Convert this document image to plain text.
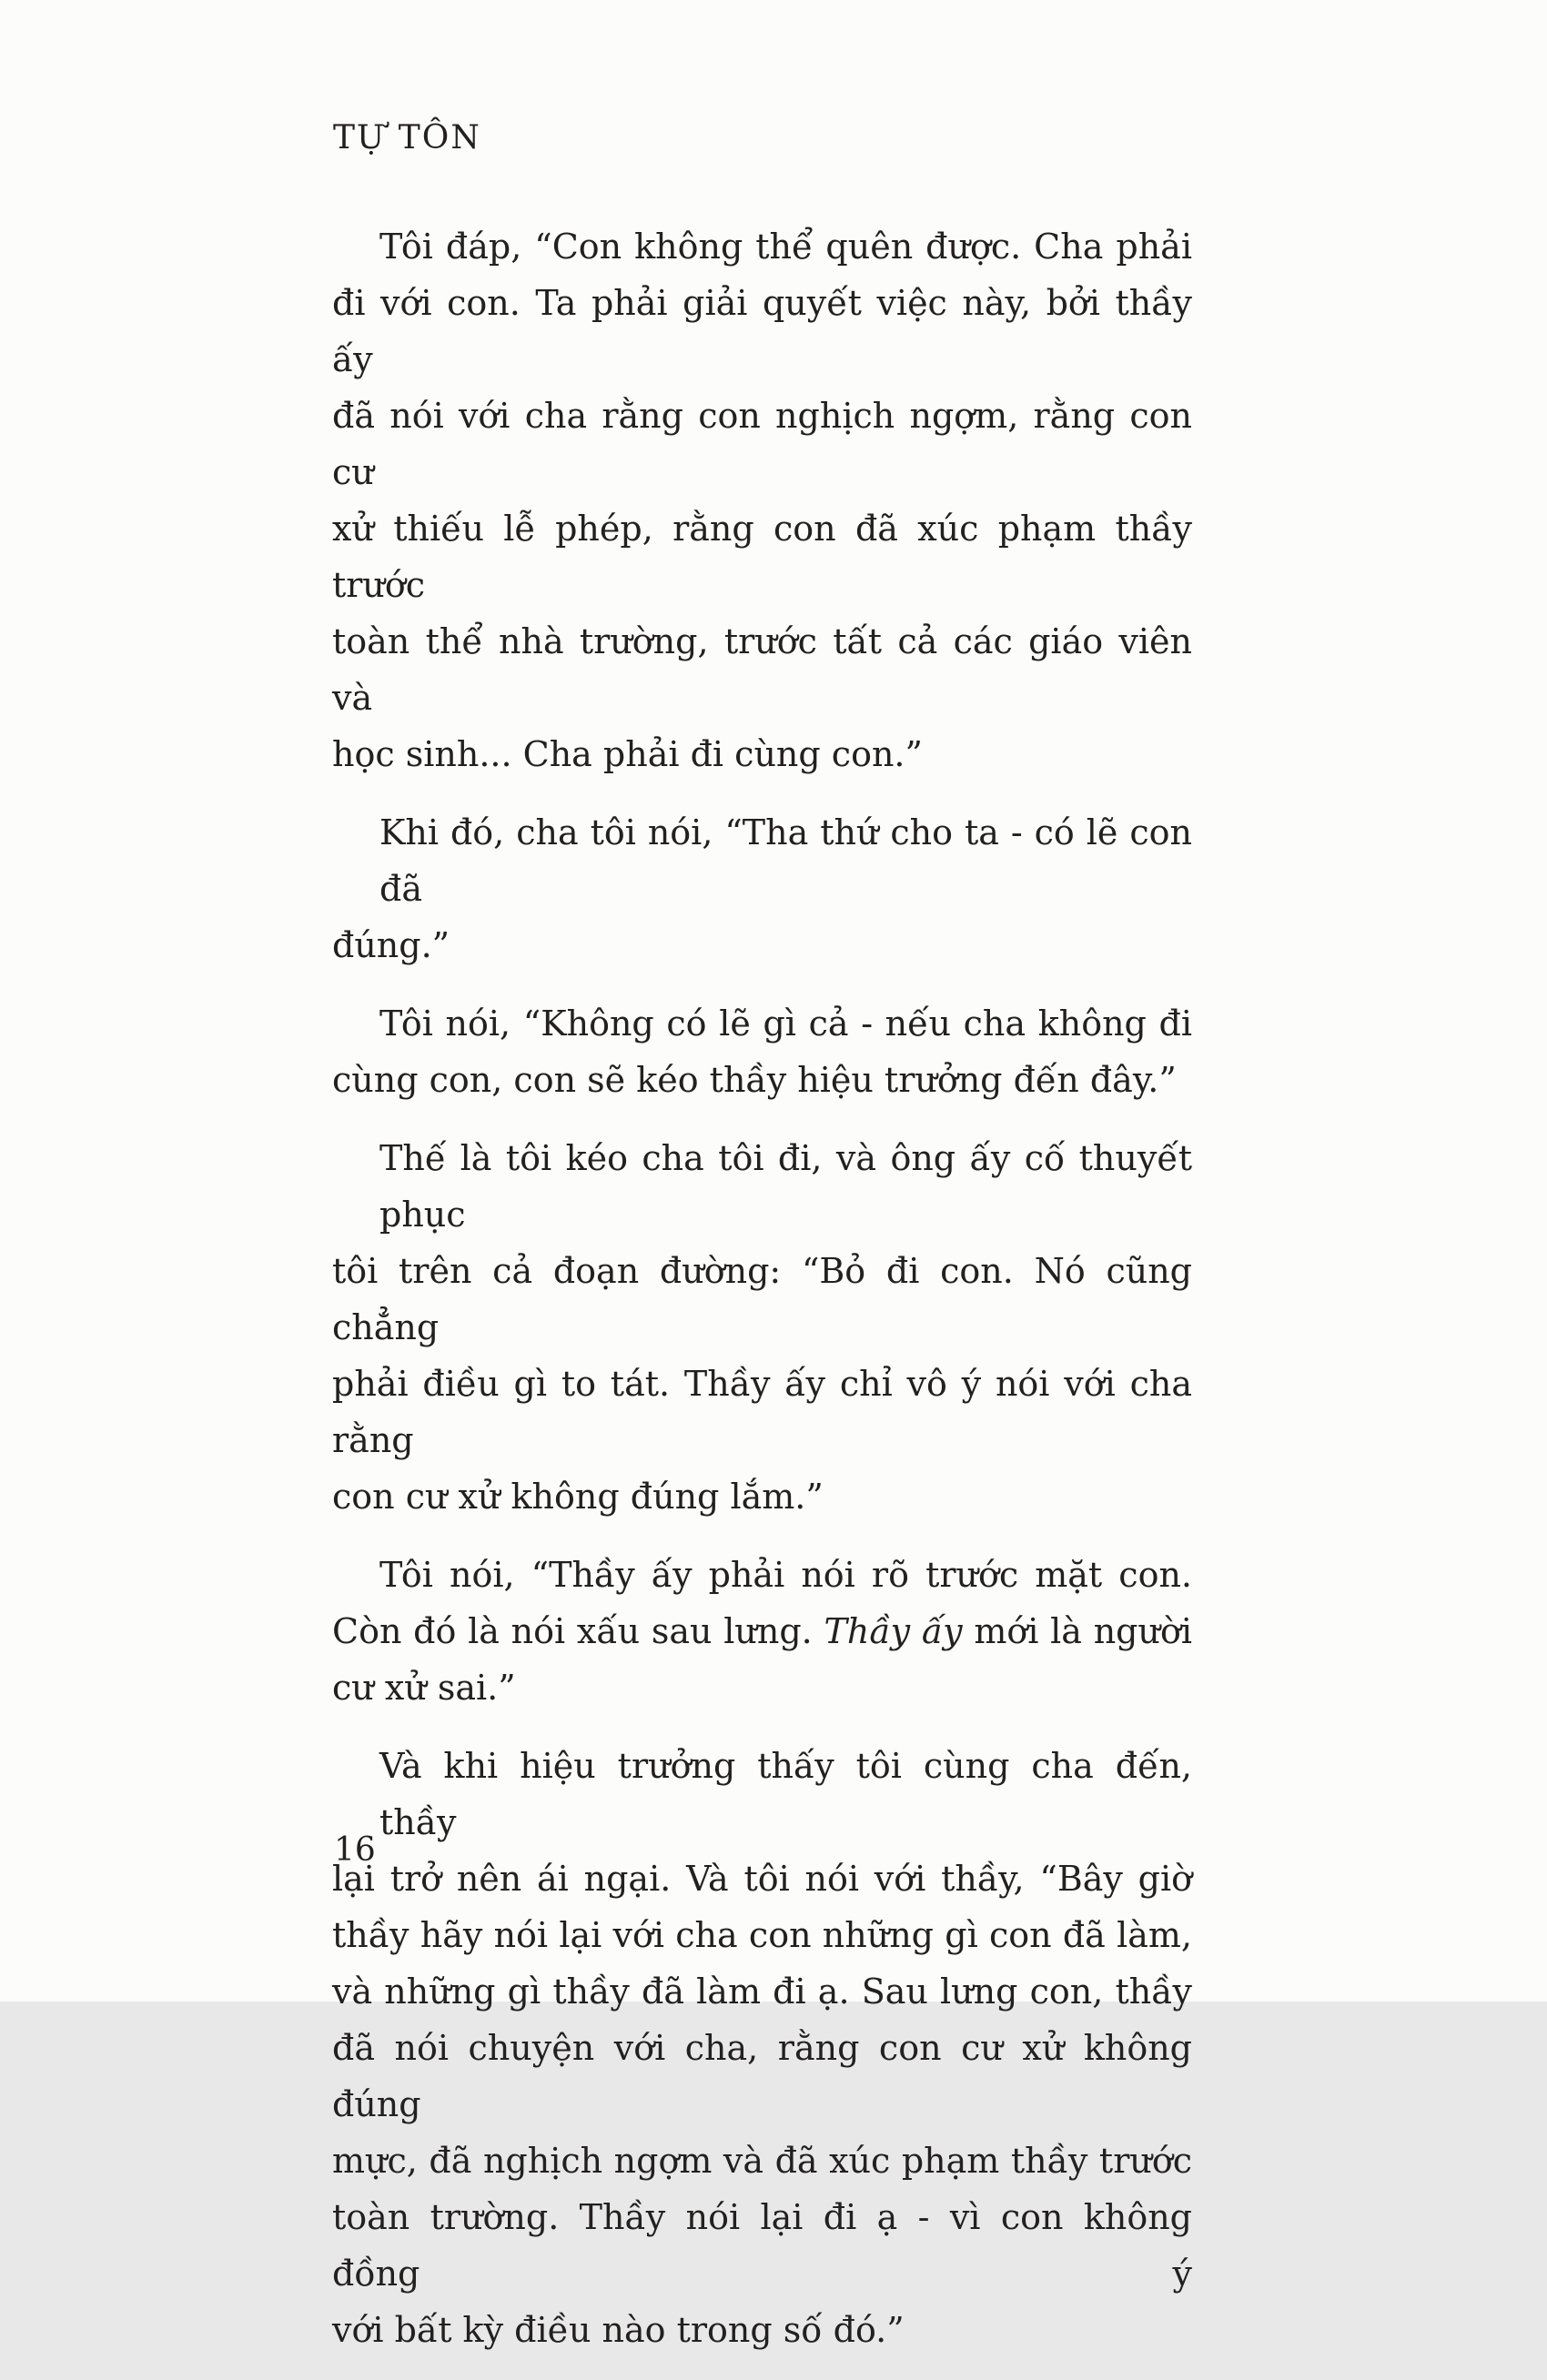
TỰ TÔN
Tôi đáp, “Con không thể quên được. Cha phải
đi với con. Ta phải giải quyết việc này, bởi thầy ấy
đã nói với cha rằng con nghịch ngợm, rằng con cư
xử thiếu lễ phép, rằng con đã xúc phạm thầy trước
toàn thể nhà trường, trước tất cả các giáo viên và
học sinh... Cha phải đi cùng con.”
Khi đó, cha tôi nói, “Tha thứ cho ta - có lẽ con đã
đúng.”
Tôi nói, “Không có lẽ gì cả - nếu cha không đi
cùng con, con sẽ kéo thầy hiệu trưởng đến đây.”
Thế là tôi kéo cha tôi đi, và ông ấy cố thuyết phục
tôi trên cả đoạn đường: “Bỏ đi con. Nó cũng chẳng
phải điều gì to tát. Thầy ấy chỉ vô ý nói với cha rằng
con cư xử không đúng lắm.”
Tôi nói, “Thầy ấy phải nói rõ trước mặt con.
Còn đó là nói xấu sau lưng. Thầy ấy mới là người
cư xử sai.”
Và khi hiệu trưởng thấy tôi cùng cha đến, thầy
lại trở nên ái ngại. Và tôi nói với thầy, “Bây giờ
thầy hãy nói lại với cha con những gì con đã làm,
và những gì thầy đã làm đi ạ. Sau lưng con, thầy
đã nói chuyện với cha, rằng con cư xử không đúng
mực, đã nghịch ngợm và đã xúc phạm thầy trước
toàn trường. Thầy nói lại đi ạ - vì con không đồng ý
với bất kỳ điều nào trong số đó.”
16
